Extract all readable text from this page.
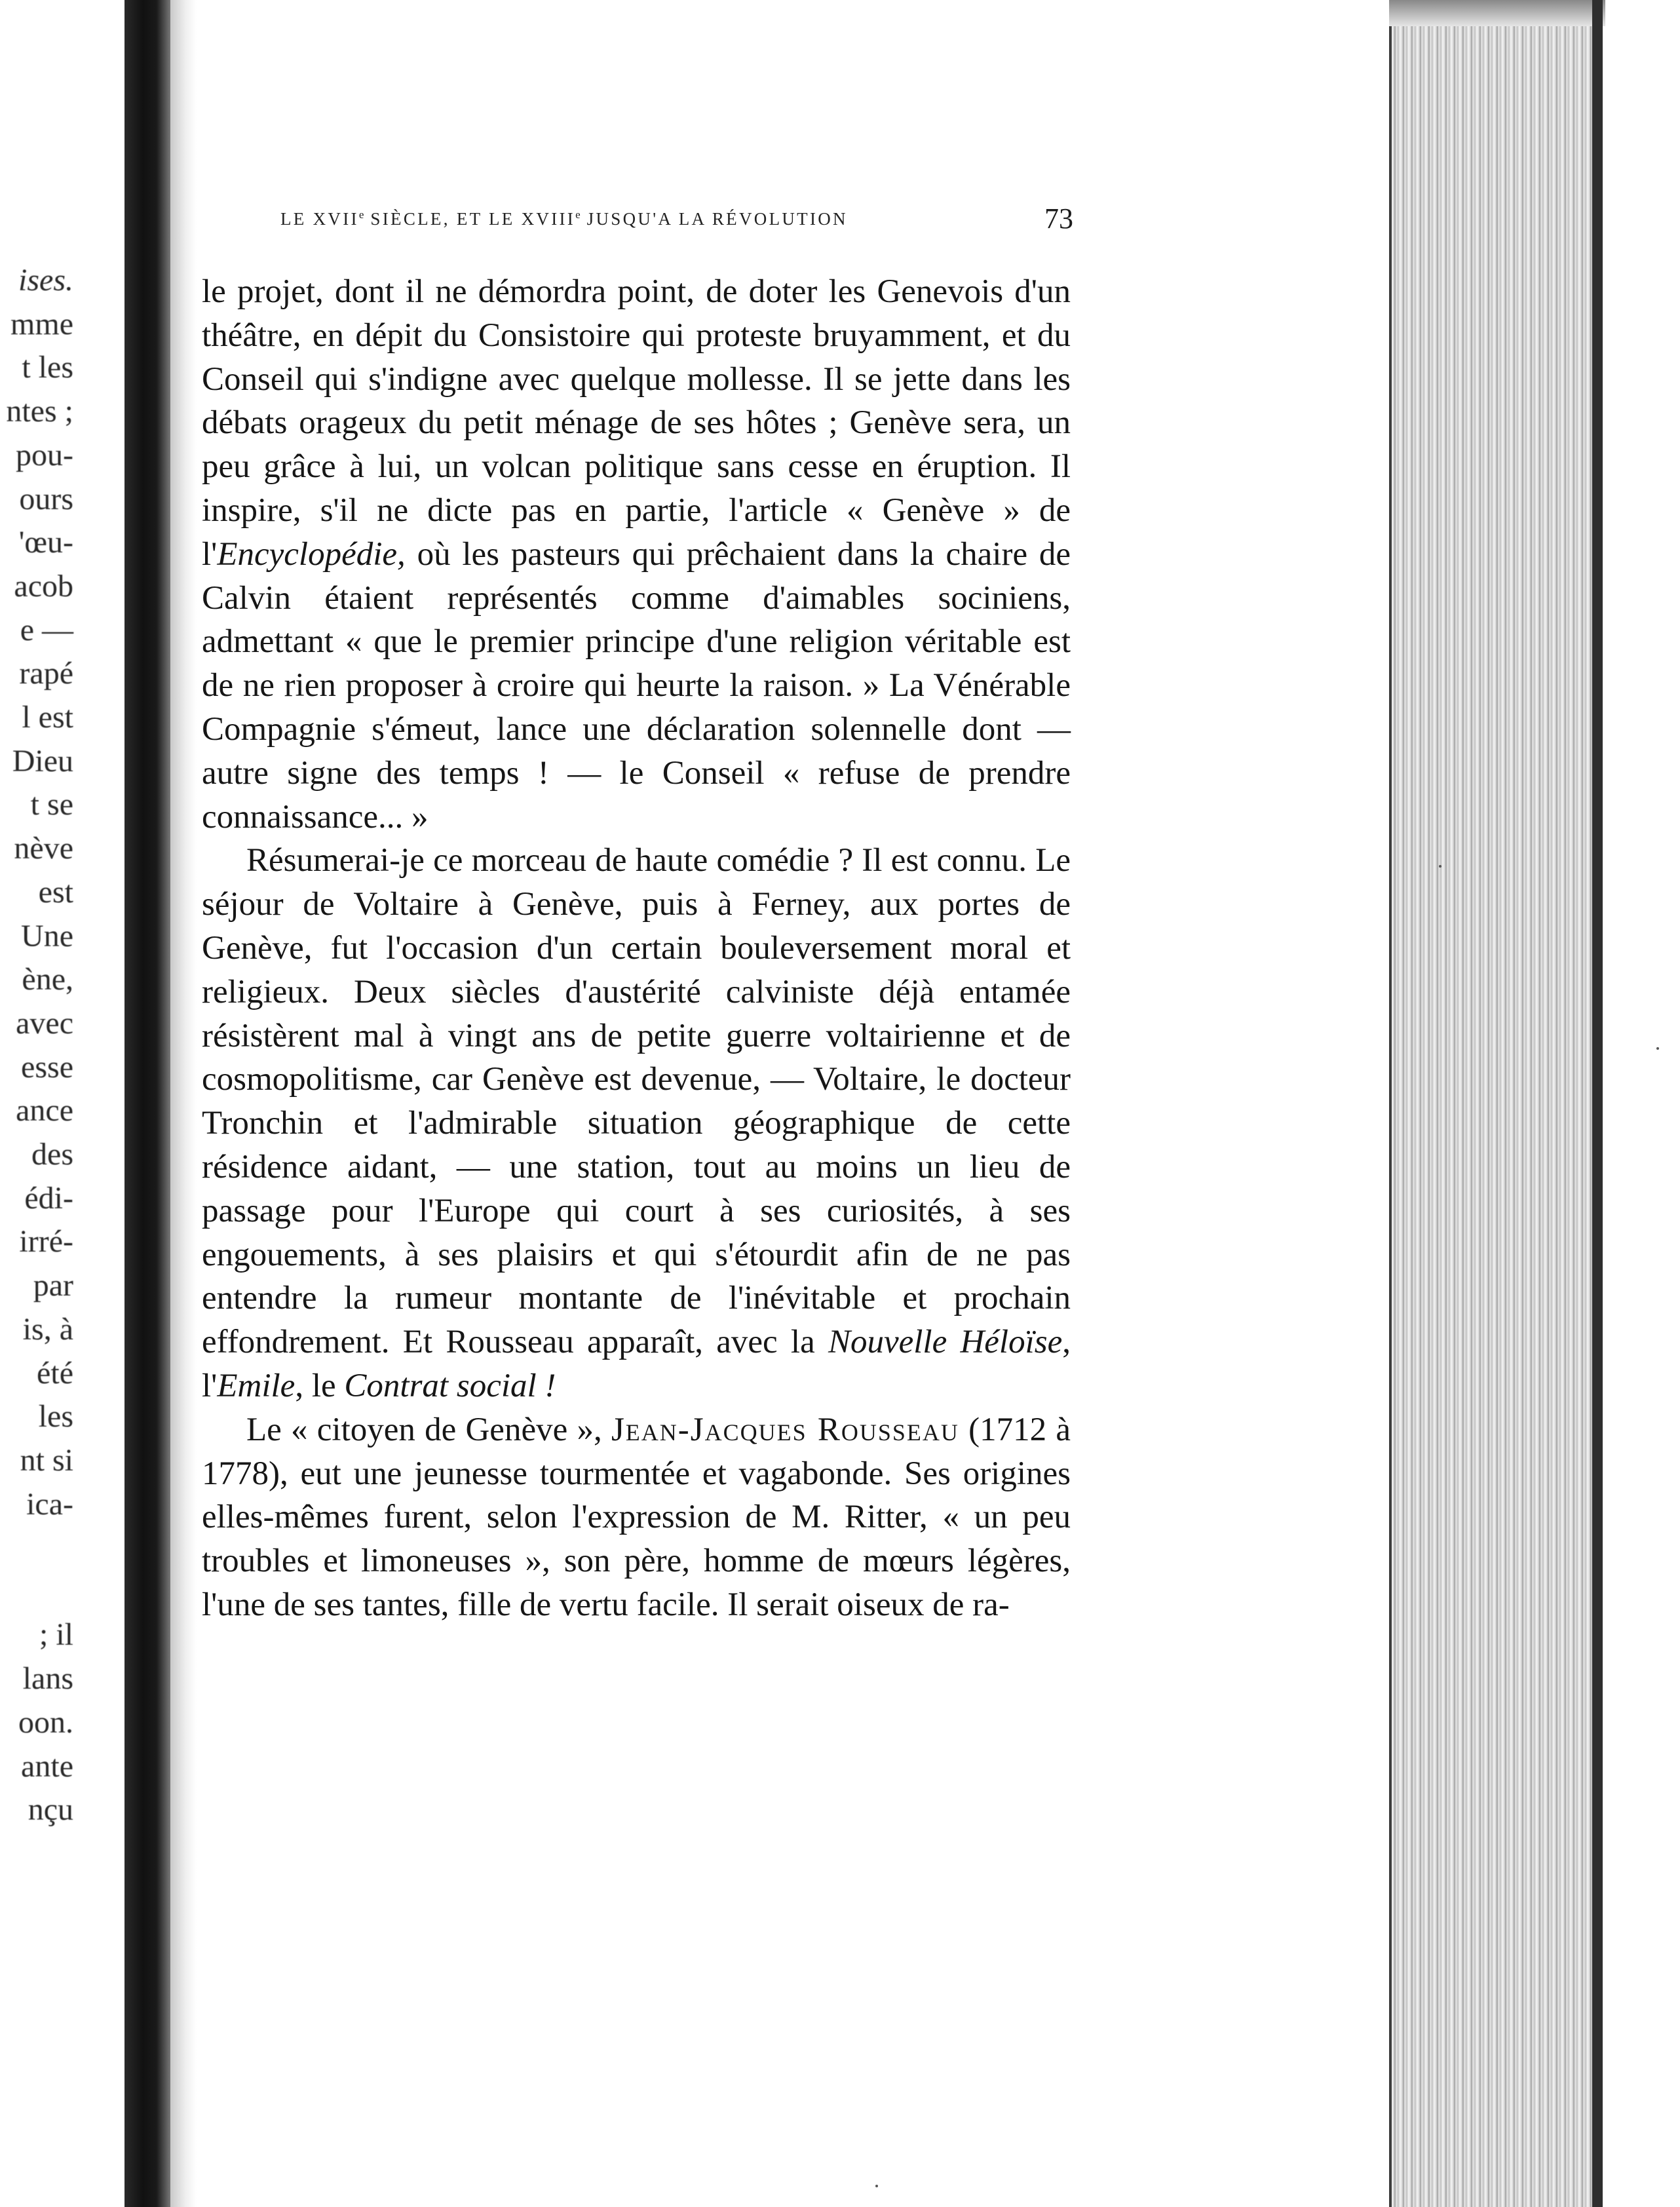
ises.
mme
t les
ntes ;
pou-
ours
'œu-
acob
e —
rapé
l est
Dieu
t se
nève
est
Une
ène,
avec
esse
ance
des
édi-
irré-
par
is, à
été
les
nt si
ica-
; il
lans
oon.
ante
nçu
LE XVIIe SIÈCLE, ET LE XVIIIe JUSQU'A LA RÉVOLUTION	73

le projet, dont il ne démordra point, de doter les Genevois d'un théâtre, en dépit du Consistoire qui proteste bruyamment, et du Conseil qui s'indigne avec quelque mollesse. Il se jette dans les débats orageux du petit ménage de ses hôtes ; Genève sera, un peu grâce à lui, un volcan politique sans cesse en éruption. Il inspire, s'il ne dicte pas en partie, l'article « Genève » de l'Encyclopédie, où les pasteurs qui prêchaient dans la chaire de Calvin étaient représentés comme d'aimables sociniens, admettant « que le premier principe d'une religion véritable est de ne rien proposer à croire qui heurte la raison. » La Vénérable Compagnie s'émeut, lance une déclaration solennelle dont — autre signe des temps ! — le Conseil « refuse de prendre connaissance... »

Résumerai-je ce morceau de haute comédie ? Il est connu. Le séjour de Voltaire à Genève, puis à Ferney, aux portes de Genève, fut l'occasion d'un certain bouleversement moral et religieux. Deux siècles d'austérité calviniste déjà entamée résistèrent mal à vingt ans de petite guerre voltairienne et de cosmopolitisme, car Genève est devenue, — Voltaire, le docteur Tronchin et l'admirable situation géographique de cette résidence aidant, — une station, tout au moins un lieu de passage pour l'Europe qui court à ses curiosités, à ses engouements, à ses plaisirs et qui s'étourdit afin de ne pas entendre la rumeur montante de l'inévitable et prochain effondrement. Et Rousseau apparaît, avec la Nouvelle Héloïse, l'Emile, le Contrat social !

Le « citoyen de Genève », Jean-Jacques Rousseau (1712 à 1778), eut une jeunesse tourmentée et vagabonde. Ses origines elles-mêmes furent, selon l'expression de M. Ritter, « un peu troubles et limoneuses », son père, homme de mœurs légères, l'une de ses tantes, fille de vertu facile. Il serait oiseux de ra-
